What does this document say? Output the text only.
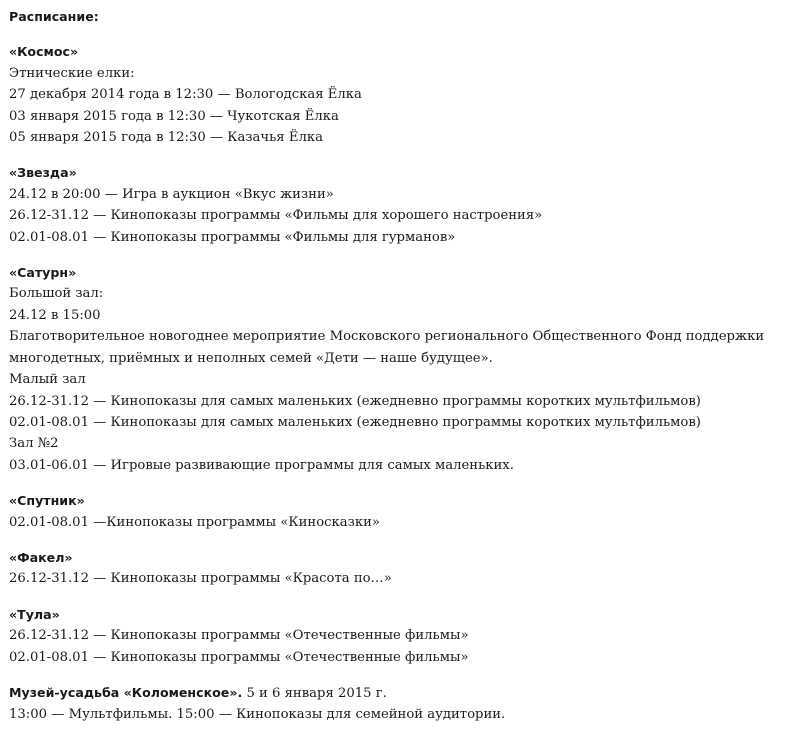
Расписание:
«Космос»
Этнические елки:
27 декабря 2014 года в 12:30 — Вологодская Ёлка
03 января 2015 года в 12:30 — Чукотская Ёлка
05 января 2015 года в 12:30 — Казачья Ёлка
«Звезда»
24.12 в 20:00 — Игра в аукцион «Вкус жизни»
26.12-31.12 — Кинопоказы программы «Фильмы для хорошего настроения»
02.01-08.01 — Кинопоказы программы «Фильмы для гурманов»
«Сатурн»
Большой зал:
24.12 в 15:00
Благотворительное новогоднее мероприятие Московского регионального Общественного Фонд поддержки многодетных, приёмных и неполных семей «Дети — наше будущее».
Малый зал
26.12-31.12 — Кинопоказы для самых маленьких (ежедневно программы коротких мультфильмов)
02.01-08.01 — Кинопоказы для самых маленьких (ежедневно программы коротких мультфильмов)
Зал №2
03.01-06.01 — Игровые развивающие программы для самых маленьких.
«Спутник»
02.01-08.01 —Кинопоказы программы «Киносказки»
«Факел»
26.12-31.12 — Кинопоказы программы «Красота по…»
«Тула»
26.12-31.12 — Кинопоказы программы «Отечественные фильмы»
02.01-08.01 — Кинопоказы программы «Отечественные фильмы»
Музей-усадьба «Коломенское». 5 и 6 января 2015 г.
13:00 — Мультфильмы. 15:00 — Кинопоказы для семейной аудитории.
